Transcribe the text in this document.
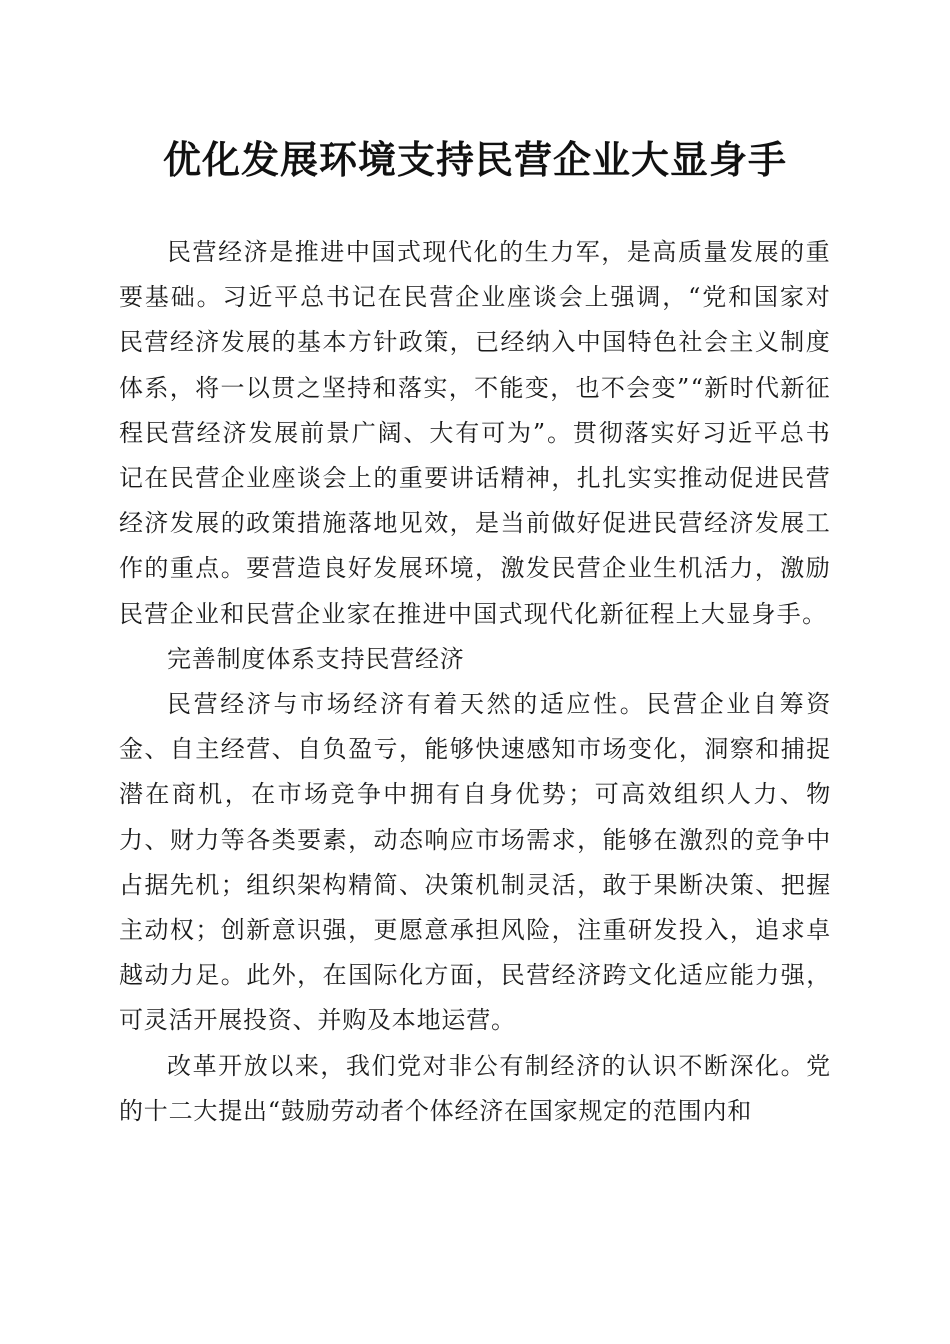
优化发展环境支持民营企业大显身手

民营经济是推进中国式现代化的生力军，是高质量发展的重要基础。习近平总书记在民营企业座谈会上强调，“党和国家对民营经济发展的基本方针政策，已经纳入中国特色社会主义制度体系，将一以贯之坚持和落实，不能变，也不会变”“新时代新征程民营经济发展前景广阔、大有可为”。贯彻落实好习近平总书记在民营企业座谈会上的重要讲话精神，扎扎实实推动促进民营经济发展的政策措施落地见效，是当前做好促进民营经济发展工作的重点。要营造良好发展环境，激发民营企业生机活力，激励民营企业和民营企业家在推进中国式现代化新征程上大显身手。

完善制度体系支持民营经济

民营经济与市场经济有着天然的适应性。民营企业自筹资金、自主经营、自负盈亏，能够快速感知市场变化，洞察和捕捉潜在商机，在市场竞争中拥有自身优势；可高效组织人力、物力、财力等各类要素，动态响应市场需求，能够在激烈的竞争中占据先机；组织架构精简、决策机制灵活，敢于果断决策、把握主动权；创新意识强，更愿意承担风险，注重研发投入，追求卓越动力足。此外，在国际化方面，民营经济跨文化适应能力强，可灵活开展投资、并购及本地运营。

改革开放以来，我们党对非公有制经济的认识不断深化。党的十二大提出“鼓励劳动者个体经济在国家规定的范围内和
